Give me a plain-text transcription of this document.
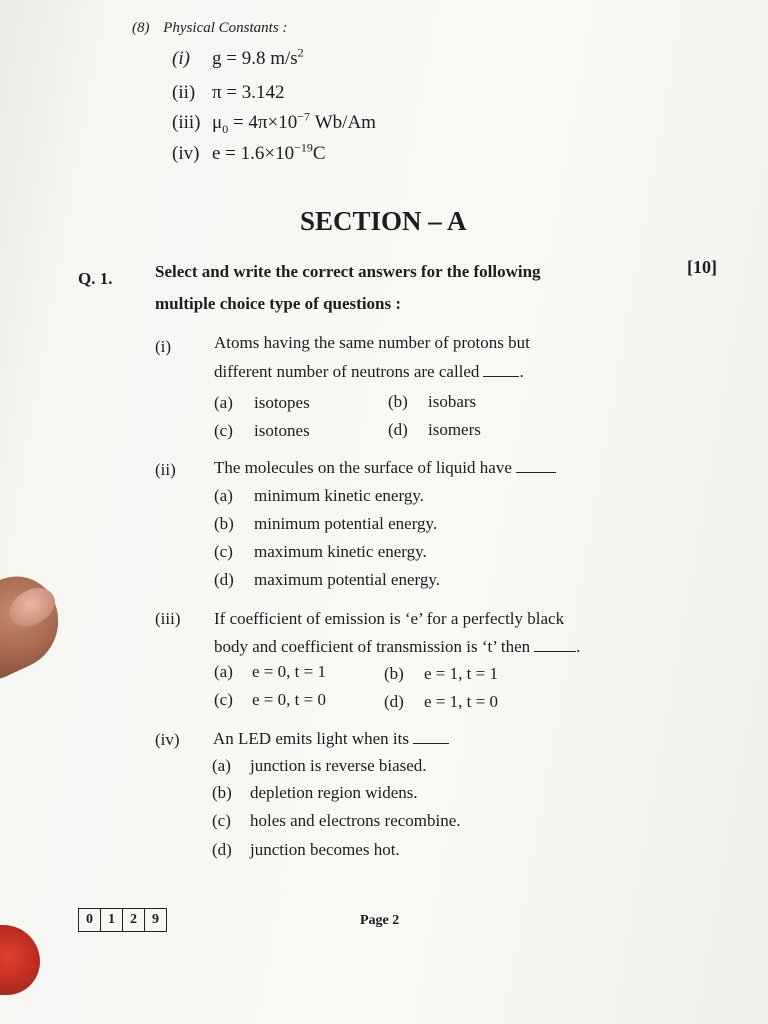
(8) Physical Constants :
(i) g = 9.8 $m/s^2$
(ii) π = 3.142
(iii) $\mu_0 = 4\pi\times 10^{-7}$ Wb/Am
(iv) $e = 1.6\times 10^{-19}C$
SECTION – A
Q. 1.	Select and write the correct answers for the following
multiple choice type of questions :
[10]
(i)	Atoms having the same number of protons but
different number of neutrons are called .
(a) isotopes	(b) isobars
(c) isotones	(d) isomers
(ii) The molecules on the surface of liquid have
(a) minimum kinetic energy.
(b) minimum potential energy.
(c) maximum kinetic energy.
(d) maximum potential energy.
(iii) If coefficient of emission is ‘e’ for a perfectly black
body and coefficient of transmission is ‘t’ then	.
(a) e = 0, t = 1	(b) e = 1, t = 1
(c) e = 0, t = 0	(d) e = 1, t = 0
(iv) An LED emits light when its
(a) junction is reverse biased.
(b) depletion region widens.
(c) holes and electrons recombine.
(d) junction becomes hot.
0	1	2	9	Page 2
